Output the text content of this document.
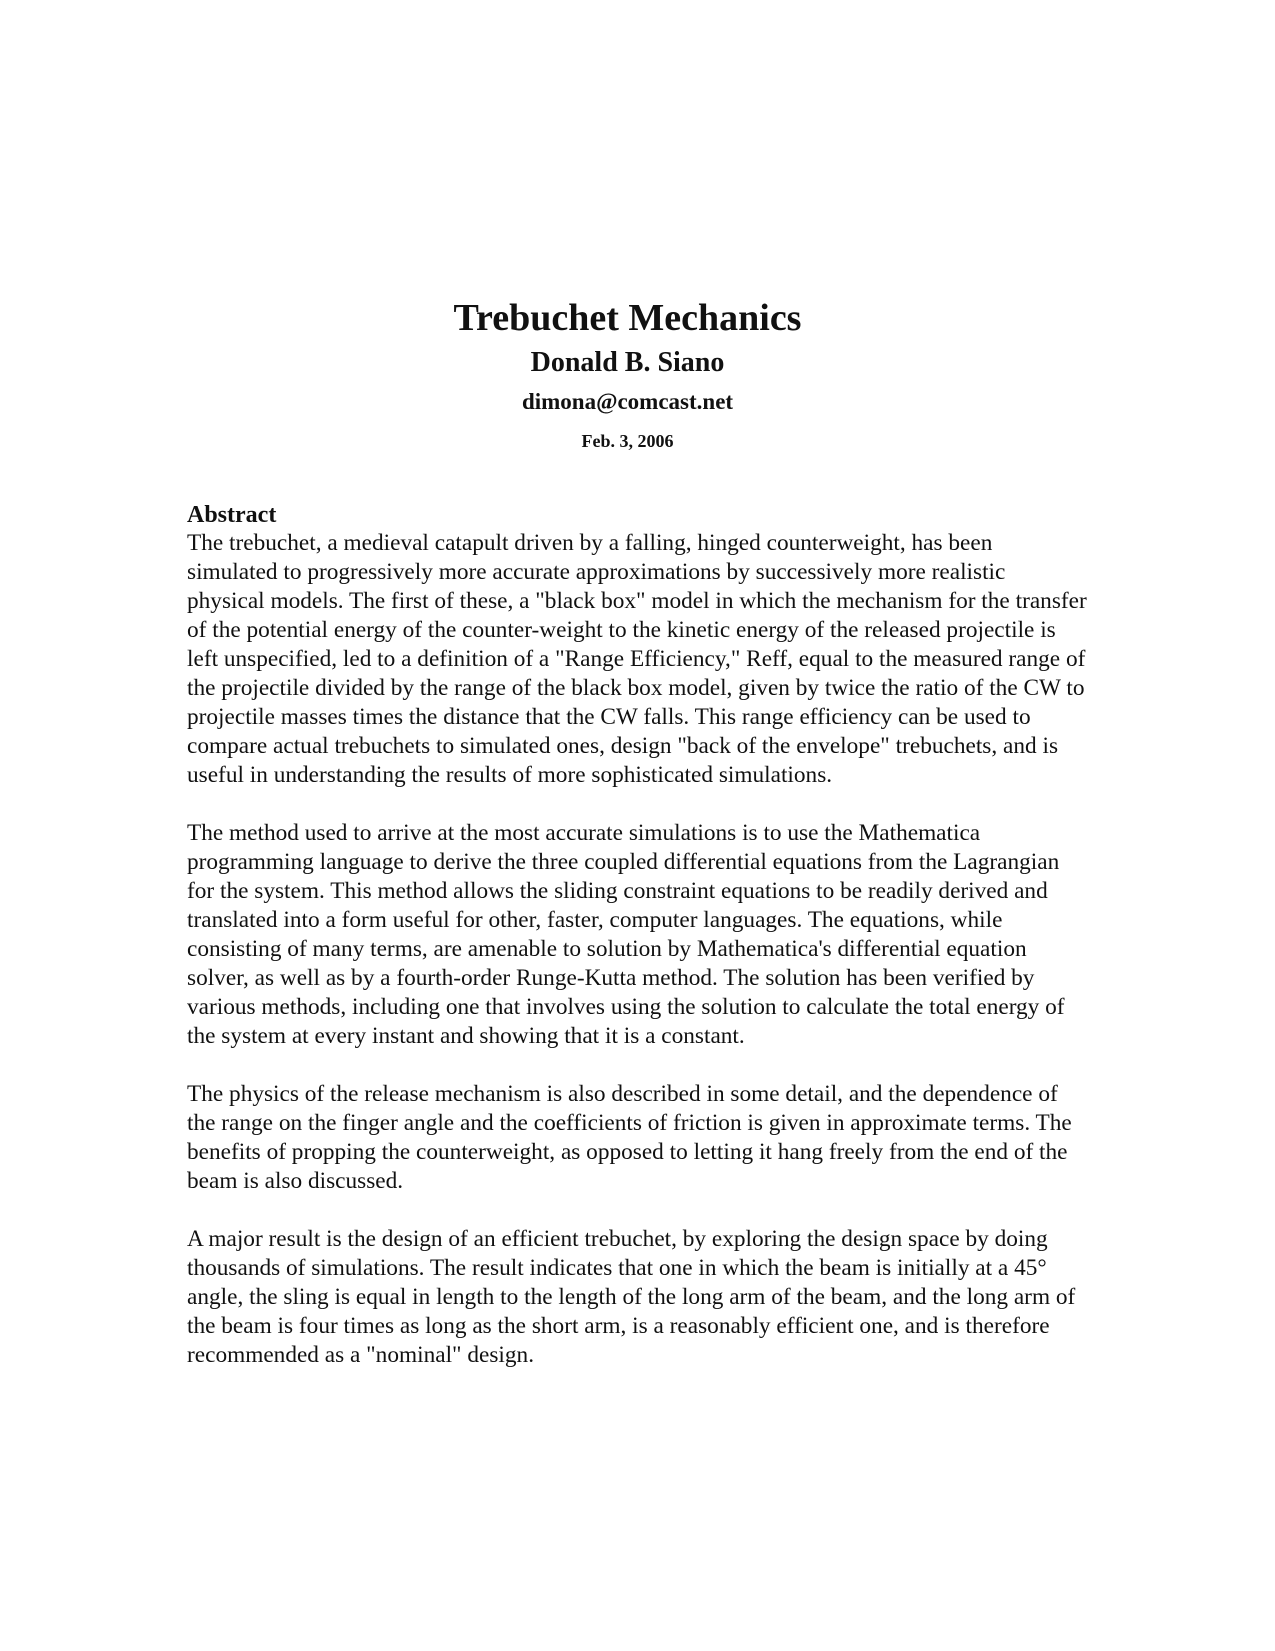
Trebuchet Mechanics
Donald B. Siano
dimona@comcast.net
Feb. 3, 2006
Abstract

The trebuchet, a medieval catapult driven by a falling, hinged counterweight, has been simulated to progressively more accurate approximations by successively more realistic physical models. The first of these, a "black box" model in which the mechanism for the transfer of the potential energy of the counter-weight to the kinetic energy of the released projectile is left unspecified, led to a definition of a "Range Efficiency," Reff, equal to the measured range of the projectile divided by the range of the black box model, given by twice the ratio of the CW to projectile masses times the distance that the CW falls. This range efficiency can be used to compare actual trebuchets to simulated ones, design "back of the envelope" trebuchets, and is useful in understanding the results of more sophisticated simulations.

The method used to arrive at the most accurate simulations is to use the Mathematica programming language to derive the three coupled differential equations from the Lagrangian for the system. This method allows the sliding constraint equations to be readily derived and translated into a form useful for other, faster, computer languages. The equations, while consisting of many terms, are amenable to solution by Mathematica's differential equation solver, as well as by a fourth-order Runge-Kutta method. The solution has been verified by various methods, including one that involves using the solution to calculate the total energy of the system at every instant and showing that it is a constant.

The physics of the release mechanism is also described in some detail, and the dependence of the range on the finger angle and the coefficients of friction is given in approximate terms. The benefits of propping the counterweight, as opposed to letting it hang freely from the end of the beam is also discussed.

A major result is the design of an efficient trebuchet, by exploring the design space by doing thousands of simulations. The result indicates that one in which the beam is initially at a 45° angle, the sling is equal in length to the length of the long arm of the beam, and the long arm of the beam is four times as long as the short arm, is a reasonably efficient one, and is therefore recommended as a "nominal" design.
